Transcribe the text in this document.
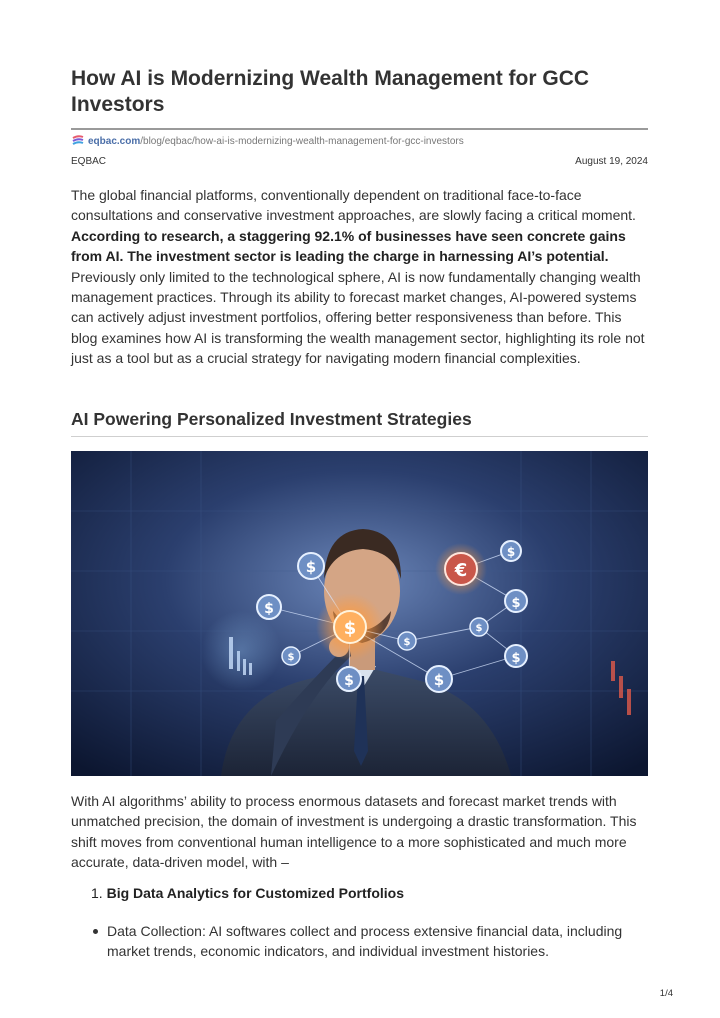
How AI is Modernizing Wealth Management for GCC Investors
eqbac.com /blog/eqbac/how-ai-is-modernizing-wealth-management-for-gcc-investors
EQBAC	August 19, 2024

The global financial platforms, conventionally dependent on traditional face-to-face consultations and conservative investment approaches, are slowly facing a critical moment. According to research, a staggering 92.1% of businesses have seen concrete gains from AI. The investment sector is leading the charge in harnessing AI’s potential. Previously only limited to the technological sphere, AI is now fundamentally changing wealth management practices. Through its ability to forecast market changes, AI-powered systems can actively adjust investment portfolios, offering better responsiveness than before. This blog examines how AI is transforming the wealth management sector, highlighting its role not just as a tool but as a crucial strategy for navigating modern financial complexities.

AI Powering Personalized Investment Strategies
$
$
$
$
$
$
$
$
$
$
$
€

With AI algorithms’ ability to process enormous datasets and forecast market trends with unmatched precision, the domain of investment is undergoing a drastic transformation. This shift moves from conventional human intelligence to a more sophisticated and much more accurate, data-driven model, with –

1. Big Data Analytics for Customized Portfolios
Data Collection: AI softwares collect and process extensive financial data, including market trends, economic indicators, and individual investment histories.
1/4
